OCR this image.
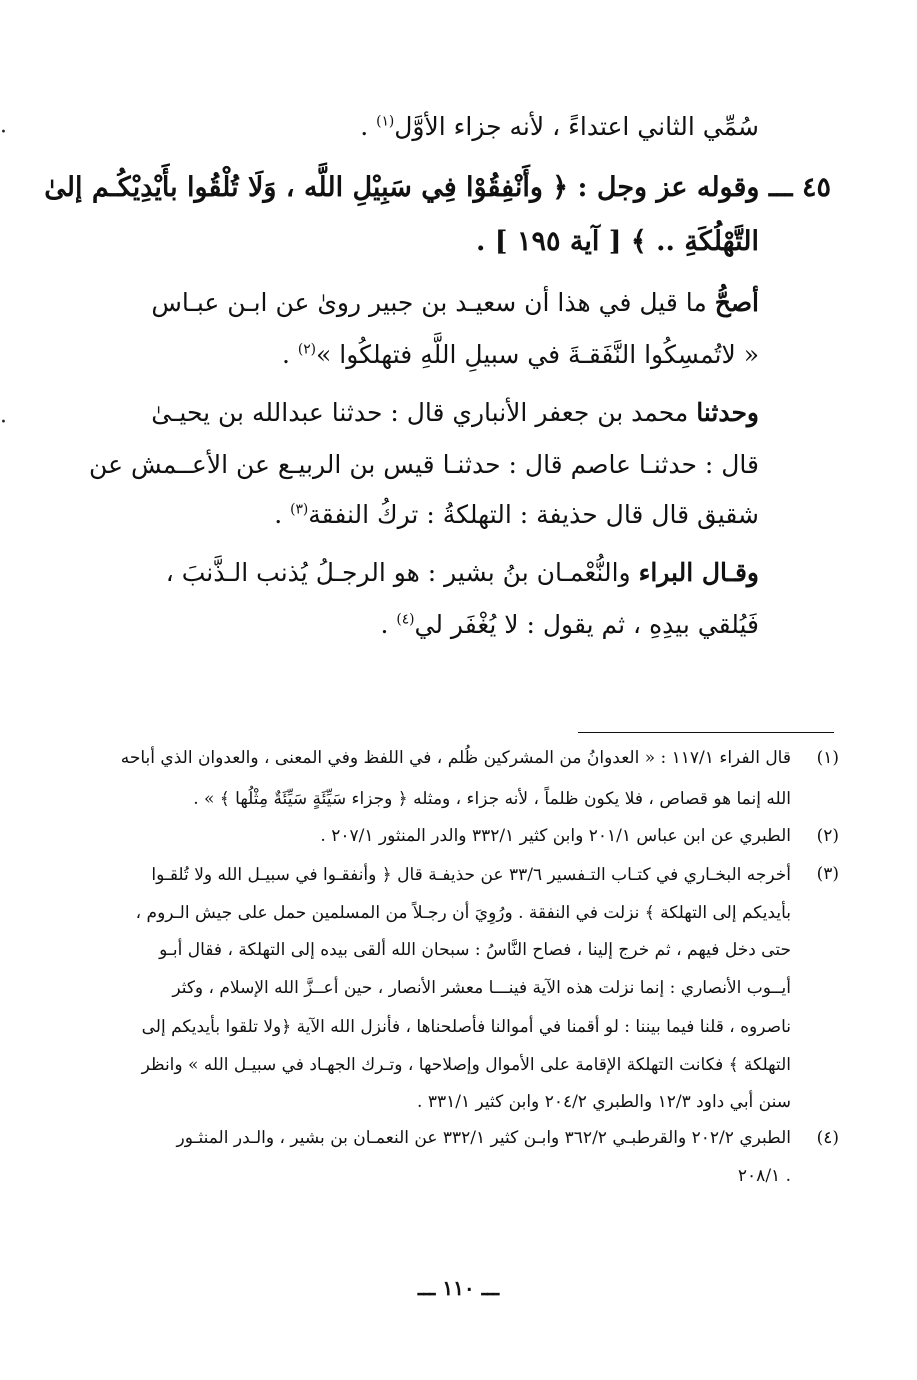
·
·
سُمِّي الثاني اعتداءً ، لأنه جزاء الأوَّل$^{(١)}$ .
٤٥ ـــ وقوله عز وجل : ﴿ وأَنْفِقُوْا فِي سَبِيْلِ اللَّه ، وَلَا تُلْقُوا بأَيْدِيْكُـم إلىٰ
التَّهْلُكَةِ .. ﴾ [ آية ١٩٥ ] .
أصحُّ ما قيل في هذا أن سعيـد بن جبير روىٰ عن ابـن عبـاس
« لاتُمسِكُوا النَّفَقـةَ في سبيلِ اللَّهِ فتهلكُوا »$^{(٢)}$ .
وحدثنا محمد بن جعفر الأنباري قال : حدثنا عبدالله بن يحيـىٰ
قال : حدثنـا عاصم قال : حدثنـا قيس بن الربيـع عن الأعــمش عن
شقيق قال قال حذيفة : التهلكةُ : تركُ النفقة$^{(٣)}$ .
وقـال البراء والنُّعْمـان بنُ بشير : هو الرجـلُ يُذنب الـذَّنبَ ،
فَيُلقي بيدِهِ ، ثم يقول : لا يُغْفَر لي$^{(٤)}$ .
(١)
قال الفراء ١١٧/١ : « العدوانُ من المشركين ظُلم ، في اللفظ وفي المعنى ، والعدوان الذي أباحه
الله إنما هو قصاص ، فلا يكون ظلماً ، لأنه جزاء ، ومثله ﴿ وجزاء سَيِّئَةٍ سَيِّئَةٌ مِثْلُها ﴾ » .
(٢)
الطبري عن ابن عباس ٢٠١/١ وابن كثير ٣٣٢/١ والدر المنثور ٢٠٧/١ .
(٣)
أخرجه البخـاري في كتـاب التـفسير ٣٣/٦ عن حذيفـة قال ﴿ وأنفقـوا في سبيـل الله ولا تُلقـوا
بأيديكم إلى التهلكة ﴾ نزلت في النفقة . ورُوِيَ أن رجـلاً من المسلمين حمل على جيش الـروم ،
حتى دخل فيهم ، ثم خرج إلينا ، فصاح النَّاسُ : سبحان الله ألقى بيده إلى التهلكة ، فقال أبـو
أيــوب الأنصاري : إنما نزلت هذه الآية فينـــا معشر الأنصار ، حين أعــزَّ الله الإسلام ، وكثر
ناصروه ، قلنا فيما بيننا : لو أقمنا في أموالنا فأصلحناها ، فأنزل الله الآية ﴿ولا تلقوا بأيديكم إلى
التهلكة ﴾ فكانت التهلكة الإقامة على الأموال وإصلاحها ، وتـرك الجهـاد في سبيـل الله » وانظر
سنن أبي داود ١٢/٣ والطبري ٢٠٤/٢ وابن كثير ٣٣١/١ .
(٤)
الطبري ٢٠٢/٢ والقرطبـي ٣٦٢/٢ وابـن كثير ٣٣٢/١ عن النعمـان بن بشير ، والـدر المنثـور
٢٠٨/١ .
ـــ ١١٠ ـــ
